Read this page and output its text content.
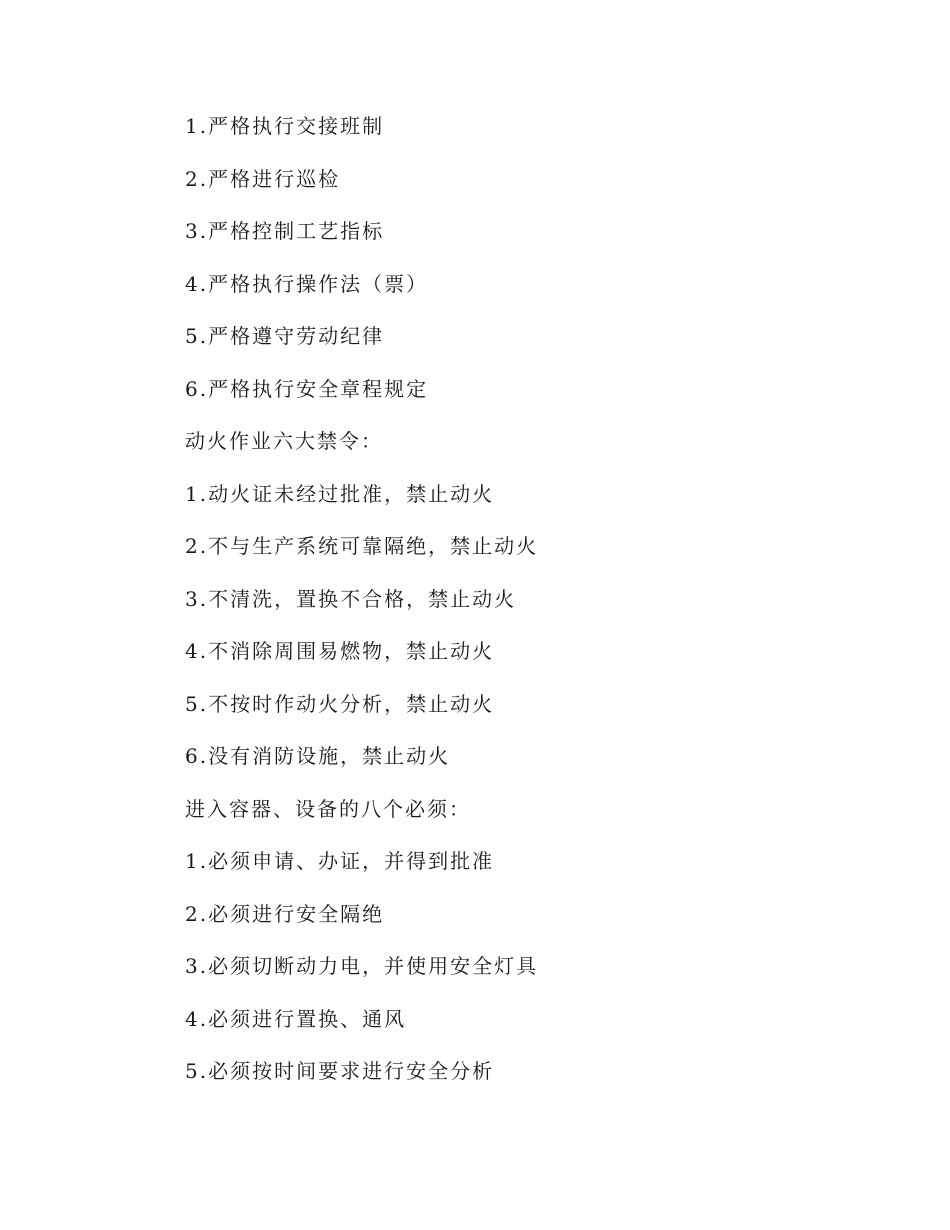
1.严格执行交接班制
2.严格进行巡检
3.严格控制工艺指标
4.严格执行操作法（票）
5.严格遵守劳动纪律
6.严格执行安全章程规定
动火作业六大禁令：
1.动火证未经过批准，禁止动火
2.不与生产系统可靠隔绝，禁止动火
3.不清洗，置换不合格，禁止动火
4.不消除周围易燃物，禁止动火
5.不按时作动火分析，禁止动火
6.没有消防设施，禁止动火
进入容器、设备的八个必须：
1.必须申请、办证，并得到批准
2.必须进行安全隔绝
3.必须切断动力电，并使用安全灯具
4.必须进行置换、通风
5.必须按时间要求进行安全分析
